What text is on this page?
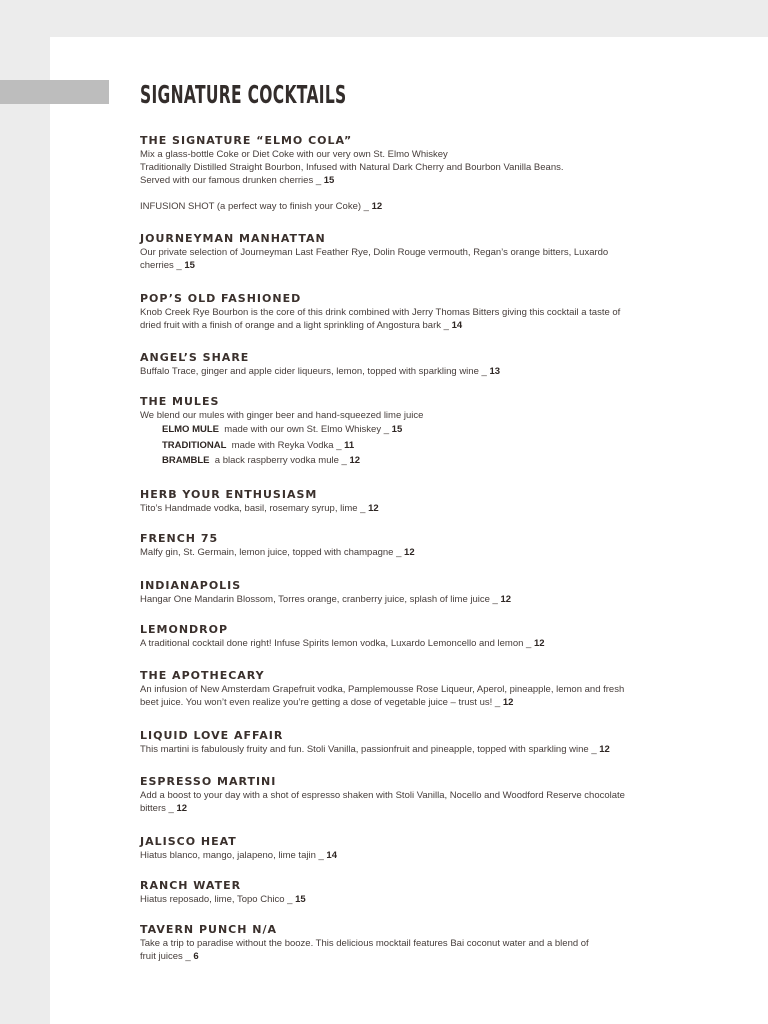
SIGNATURE COCKTAILS
THE SIGNATURE “ELMO COLA”
Mix a glass-bottle Coke or Diet Coke with our very own St. Elmo Whiskey
Traditionally Distilled Straight Bourbon, Infused with Natural Dark Cherry and Bourbon Vanilla Beans.
Served with our famous drunken cherries _ 15
INFUSION SHOT (a perfect way to finish your Coke) _ 12
JOURNEYMAN MANHATTAN
Our private selection of Journeyman Last Feather Rye, Dolin Rouge vermouth, Regan’s orange bitters, Luxardo
cherries _ 15
POP’S OLD FASHIONED
Knob Creek Rye Bourbon is the core of this drink combined with Jerry Thomas Bitters giving this cocktail a taste of
dried fruit with a finish of orange and a light sprinkling of Angostura bark _ 14
ANGEL’S SHARE
Buffalo Trace, ginger and apple cider liqueurs, lemon, topped with sparkling wine _ 13
THE MULES
We blend our mules with ginger beer and hand-squeezed lime juice
ELMO MULE made with our own St. Elmo Whiskey _ 15
TRADITIONAL made with Reyka Vodka _ 11
BRAMBLE a black raspberry vodka mule _ 12
HERB YOUR ENTHUSIASM
Tito’s Handmade vodka, basil, rosemary syrup, lime _ 12
FRENCH 75
Malfy gin, St. Germain, lemon juice, topped with champagne _ 12
INDIANAPOLIS
Hangar One Mandarin Blossom, Torres orange, cranberry juice, splash of lime juice _ 12
LEMONDROP
A traditional cocktail done right! Infuse Spirits lemon vodka, Luxardo Lemoncello and lemon _ 12
THE APOTHECARY
An infusion of New Amsterdam Grapefruit vodka, Pamplemousse Rose Liqueur, Aperol, pineapple, lemon and fresh
beet juice. You won’t even realize you’re getting a dose of vegetable juice – trust us! _ 12
LIQUID LOVE AFFAIR
This martini is fabulously fruity and fun. Stoli Vanilla, passionfruit and pineapple, topped with sparkling wine _ 12
ESPRESSO MARTINI
Add a boost to your day with a shot of espresso shaken with Stoli Vanilla, Nocello and Woodford Reserve chocolate
bitters _ 12
JALISCO HEAT
Hiatus blanco, mango, jalapeno, lime tajin _ 14
RANCH WATER
Hiatus reposado, lime, Topo Chico _ 15
TAVERN PUNCH N/A
Take a trip to paradise without the booze. This delicious mocktail features Bai coconut water and a blend of
fruit juices _ 6
